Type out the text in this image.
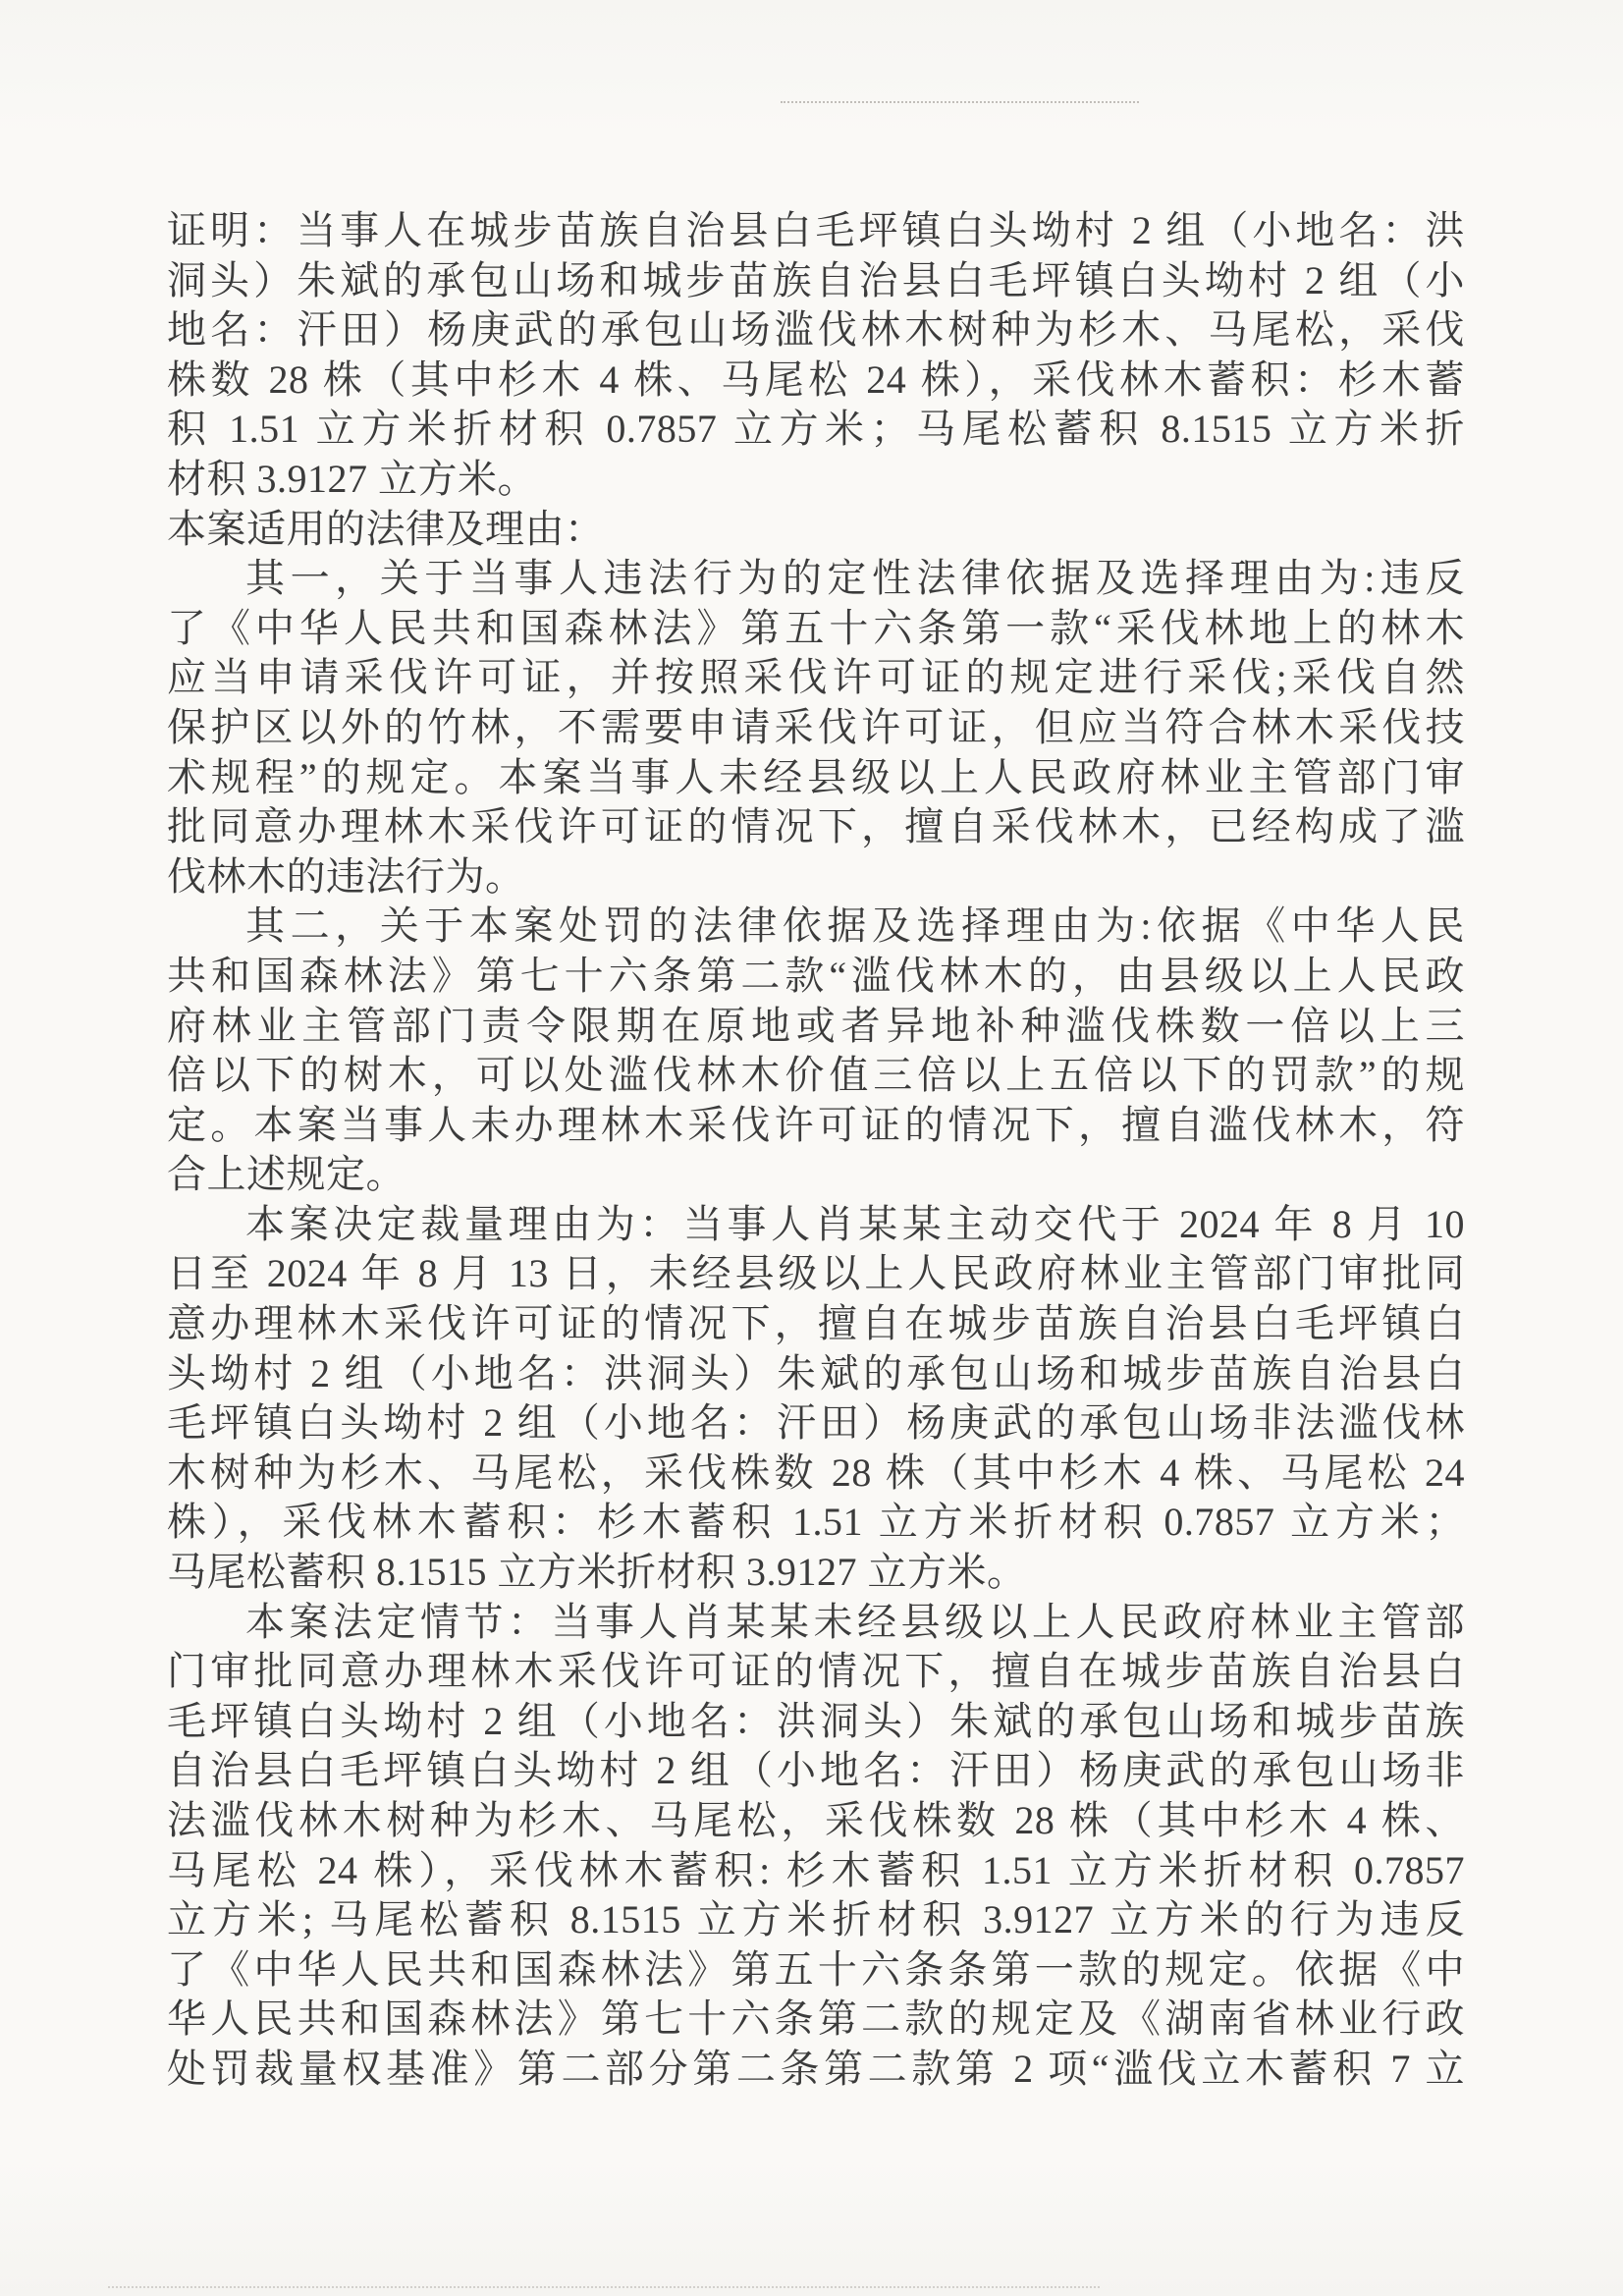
证明：当事人在城步苗族自治县白毛坪镇白头坳村 2 组（小地名：洪
洞头）朱斌的承包山场和城步苗族自治县白毛坪镇白头坳村 2 组（小
地名：汗田）杨庚武的承包山场滥伐林木树种为杉木、马尾松，采伐
株数 28 株（其中杉木 4 株、马尾松 24 株），采伐林木蓄积：杉木蓄
积 1.51 立方米折材积 0.7857 立方米；马尾松蓄积 8.1515 立方米折
材积 3.9127 立方米。
本案适用的法律及理由：
其一，关于当事人违法行为的定性法律依据及选择理由为:违反
了《中华人民共和国森林法》第五十六条第一款“采伐林地上的林木
应当申请采伐许可证，并按照采伐许可证的规定进行采伐;采伐自然
保护区以外的竹林，不需要申请采伐许可证，但应当符合林木采伐技
术规程”的规定。本案当事人未经县级以上人民政府林业主管部门审
批同意办理林木采伐许可证的情况下，擅自采伐林木，已经构成了滥
伐林木的违法行为。
其二，关于本案处罚的法律依据及选择理由为:依据《中华人民
共和国森林法》第七十六条第二款“滥伐林木的，由县级以上人民政
府林业主管部门责令限期在原地或者异地补种滥伐株数一倍以上三
倍以下的树木，可以处滥伐林木价值三倍以上五倍以下的罚款”的规
定。本案当事人未办理林木采伐许可证的情况下，擅自滥伐林木，符
合上述规定。
本案决定裁量理由为：当事人肖某某主动交代于 2024 年 8 月 10
日至 2024 年 8 月 13 日，未经县级以上人民政府林业主管部门审批同
意办理林木采伐许可证的情况下，擅自在城步苗族自治县白毛坪镇白
头坳村 2 组（小地名：洪洞头）朱斌的承包山场和城步苗族自治县白
毛坪镇白头坳村 2 组（小地名：汗田）杨庚武的承包山场非法滥伐林
木树种为杉木、马尾松，采伐株数 28 株（其中杉木 4 株、马尾松 24
株），采伐林木蓄积：杉木蓄积 1.51 立方米折材积 0.7857 立方米；
马尾松蓄积 8.1515 立方米折材积 3.9127 立方米。
本案法定情节：当事人肖某某未经县级以上人民政府林业主管部
门审批同意办理林木采伐许可证的情况下，擅自在城步苗族自治县白
毛坪镇白头坳村 2 组（小地名：洪洞头）朱斌的承包山场和城步苗族
自治县白毛坪镇白头坳村 2 组（小地名：汗田）杨庚武的承包山场非
法滥伐林木树种为杉木、马尾松，采伐株数 28 株（其中杉木 4 株、
马尾松 24 株），采伐林木蓄积: 杉木蓄积 1.51 立方米折材积 0.7857
立方米; 马尾松蓄积 8.1515 立方米折材积 3.9127 立方米的行为违反
了《中华人民共和国森林法》第五十六条条第一款的规定。依据《中
华人民共和国森林法》第七十六条第二款的规定及《湖南省林业行政
处罚裁量权基准》第二部分第二条第二款第 2 项“滥伐立木蓄积 7 立
